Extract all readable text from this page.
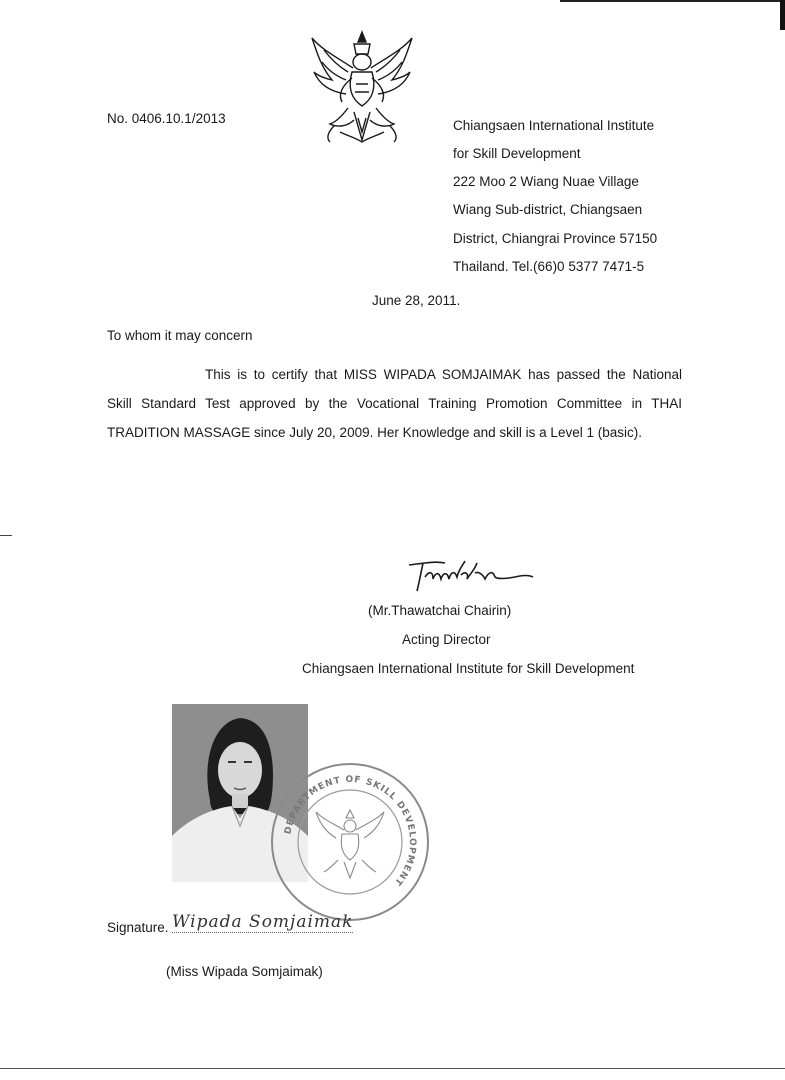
No. 0406.10.1/2013	Chiangsaen International Institute
for Skill Development
222 Moo 2 Wiang Nuae Village
Wiang Sub-district, Chiangsaen
District, Chiangrai Province 57150
Thailand. Tel.(66)0 5377 7471-5
June 28, 2011.
To whom it may concern
This is to certify that MISS WIPADA SOMJAIMAK has passed the National
Skill Standard Test approved by the Vocational Training Promotion Committee in THAI
TRADITION MASSAGE since July 20, 2009. Her Knowledge and skill is a Level 1 (basic).
(Mr.Thawatchai Chairin)
Acting Director
Chiangsaen International Institute for Skill Development
DEPARTMENT OF SKILL DEVELOPMENT
Signature. Wipada Somjaimak
(Miss Wipada Somjaimak)
